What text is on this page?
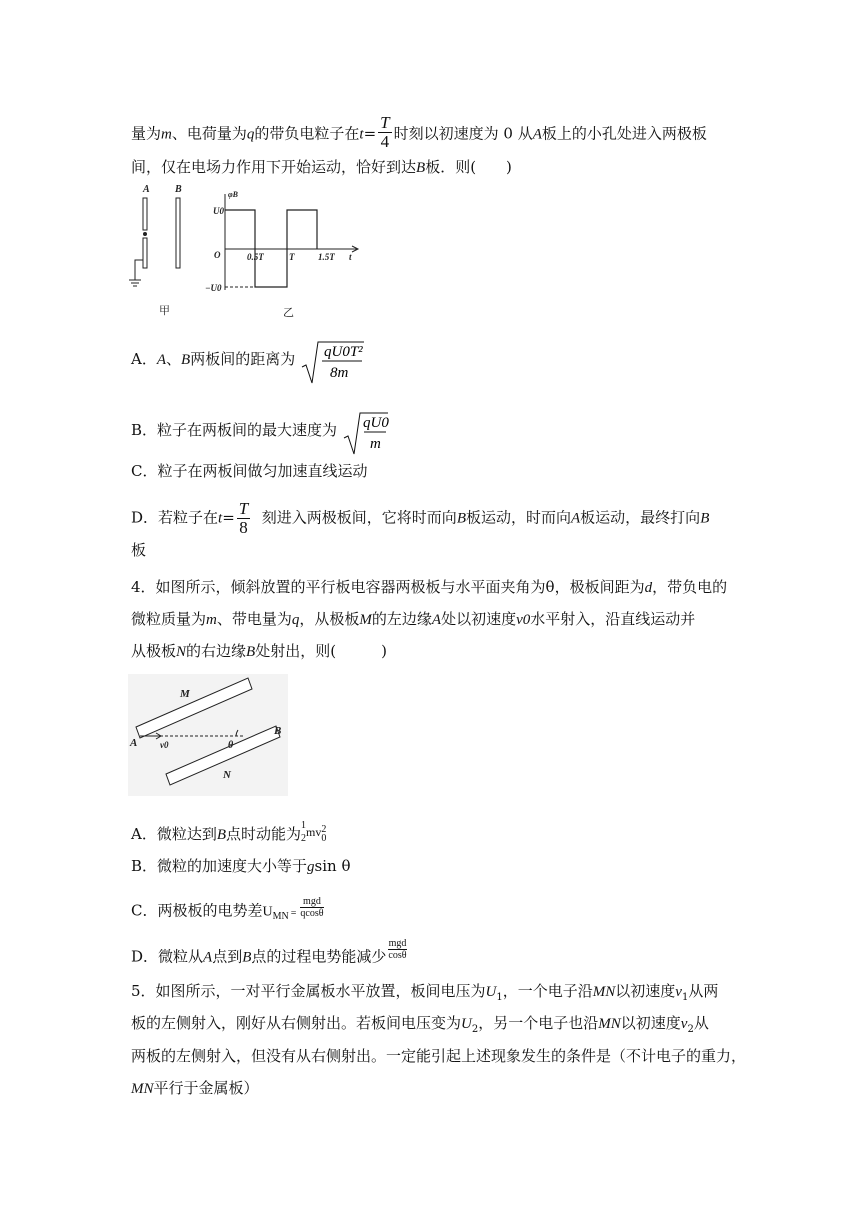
量为m、电荷量为q的带负电粒子在$t= \frac{T}{4}$ 时刻以初速度为 0 从A板上的小孔处进入两极板
间，仅在电场力作用下开始运动，恰好到达B板．则(　　)
A	B	φB
U0
O
−U0
0.5T	T	1.5T t
甲	乙
A．A、B两板间的距离为 qU0T²
8m
B．粒子在两板间的最大速度为 qU0
m
C．粒子在两板间做匀加速直线运动
D．若粒子在$t= \frac{T}{8}$ 刻进入两极板间，它将时而向B板运动，时而向A板运动，最终打向B
板
4．如图所示，倾斜放置的平行板电容器两极板与水平面夹角为θ，极板间距为d，带负电的
微粒质量为m、带电量为q，从极板M的左边缘A处以初速度v0水平射入，沿直线运动并
从极板N的右边缘B处射出，则(　　　)
M
N
A
B
v0	θ
A．微粒达到B点时动能为 1
2mv $^{2 0}$
B．微粒的加速度大小等于gsin θ
C．两极板的电势差$U_{MN} = \frac{\text{mgd}}{qcos\theta}$
D．微粒从A点到B点的过程电势能减少 $\frac{\text{mgd}}{\cos\theta}$
5．如图所示，一对平行金属板水平放置，板间电压为$U_1$，一个电子沿MN以初速度$v_1$从两
板的左侧射入，刚好从右侧射出。若板间电压变为$U_2$，另一个电子也沿MN以初速度$v_2$从
两板的左侧射入，但没有从右侧射出。一定能引起上述现象发生的条件是（不计电子的重力，
MN平行于金属板）
